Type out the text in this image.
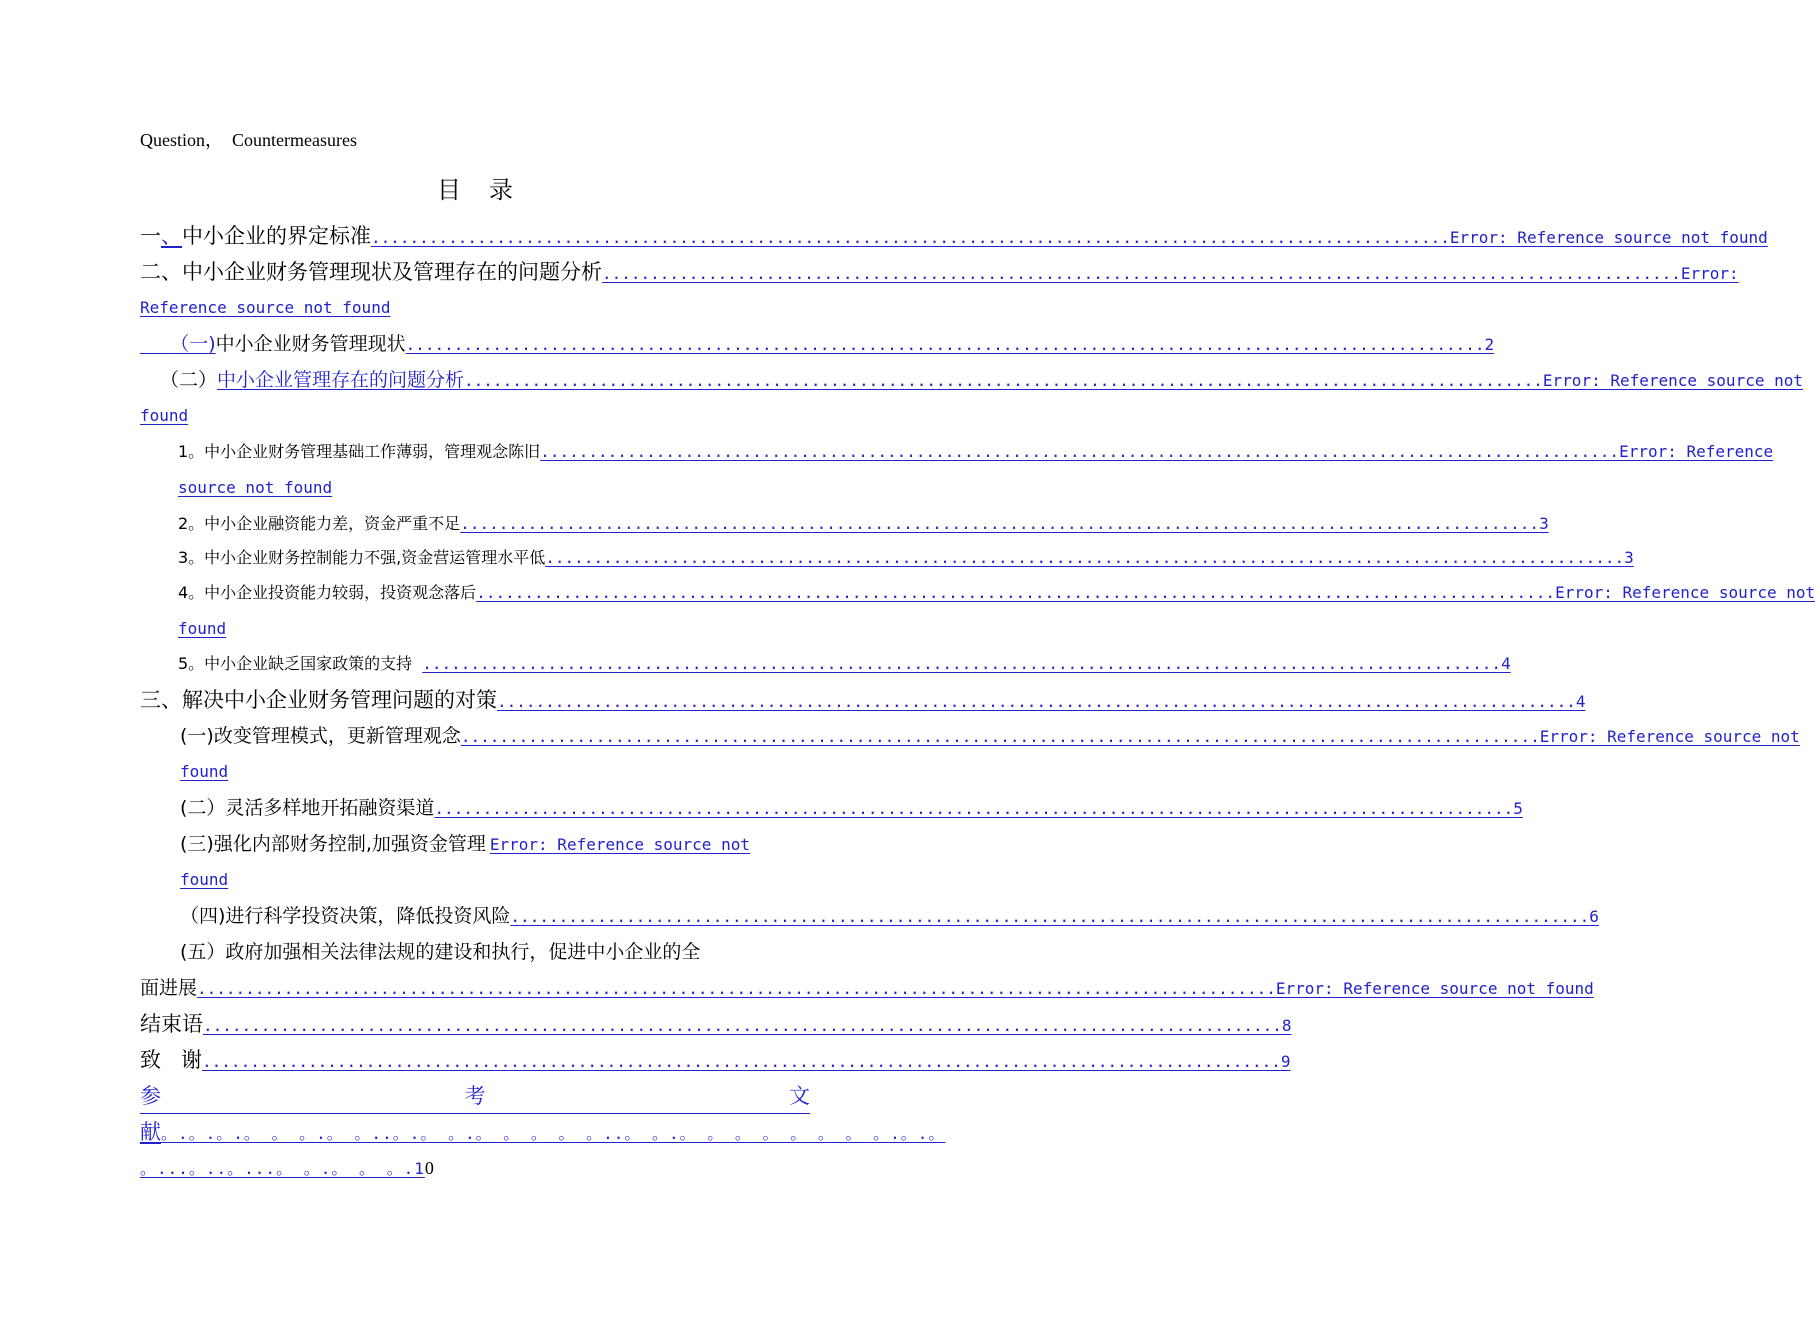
Question，  Countermeasures
目录
一 、 中小企业的界定标准 ................................................................................................................ Error: Reference source not found
二、中小企业财务管理现状及管理存在的问题分析 ................................................................................................................ Error:
Reference source not found
（一) 中小企业财务管理现状 ................................................................................................................ 2
（二） 中小企业管理存在的问题分析 ................................................................................................................ Error: Reference source not
found
1。中小企业财务管理基础工作薄弱，管理观念陈旧 ................................................................................................................ Error: Reference
source not found
2。中小企业融资能力差，资金严重不足 ................................................................................................................ 3
3。中小企业财务控制能力不强,资金营运管理水平低 ................................................................................................................ 3
4。中小企业投资能力较弱，投资观念落后 ................................................................................................................ Error: Reference source not
found
5。中小企业缺乏国家政策的支持 ................................................................................................................ 4
三、解决中小企业财务管理问题的对策 ................................................................................................................ 4
(一)改变管理模式，更新管理观念 ................................................................................................................ Error: Reference source not
found
(二）灵活多样地开拓融资渠道 ................................................................................................................ 5
(三)强化内部财务控制,加强资金管理 Error: Reference source not
found
（四)进行科学投资决策，降低投资风险 ................................................................................................................ 6
(五）政府加强相关法律法规的建设和执行，促进中小企业的全
面进展 ................................................................................................................ Error: Reference source not found
结束语 ................................................................................................................ 8
致   谢 ................................................................................................................ 9
参	考	文
献 。.。.。.。 。 。.。 。..。.。 。.。 。 。 。 。..。 。.。 。 。 。 。 。 。 。.。.。
。...。..。...。 。.。 。 。.1 0
